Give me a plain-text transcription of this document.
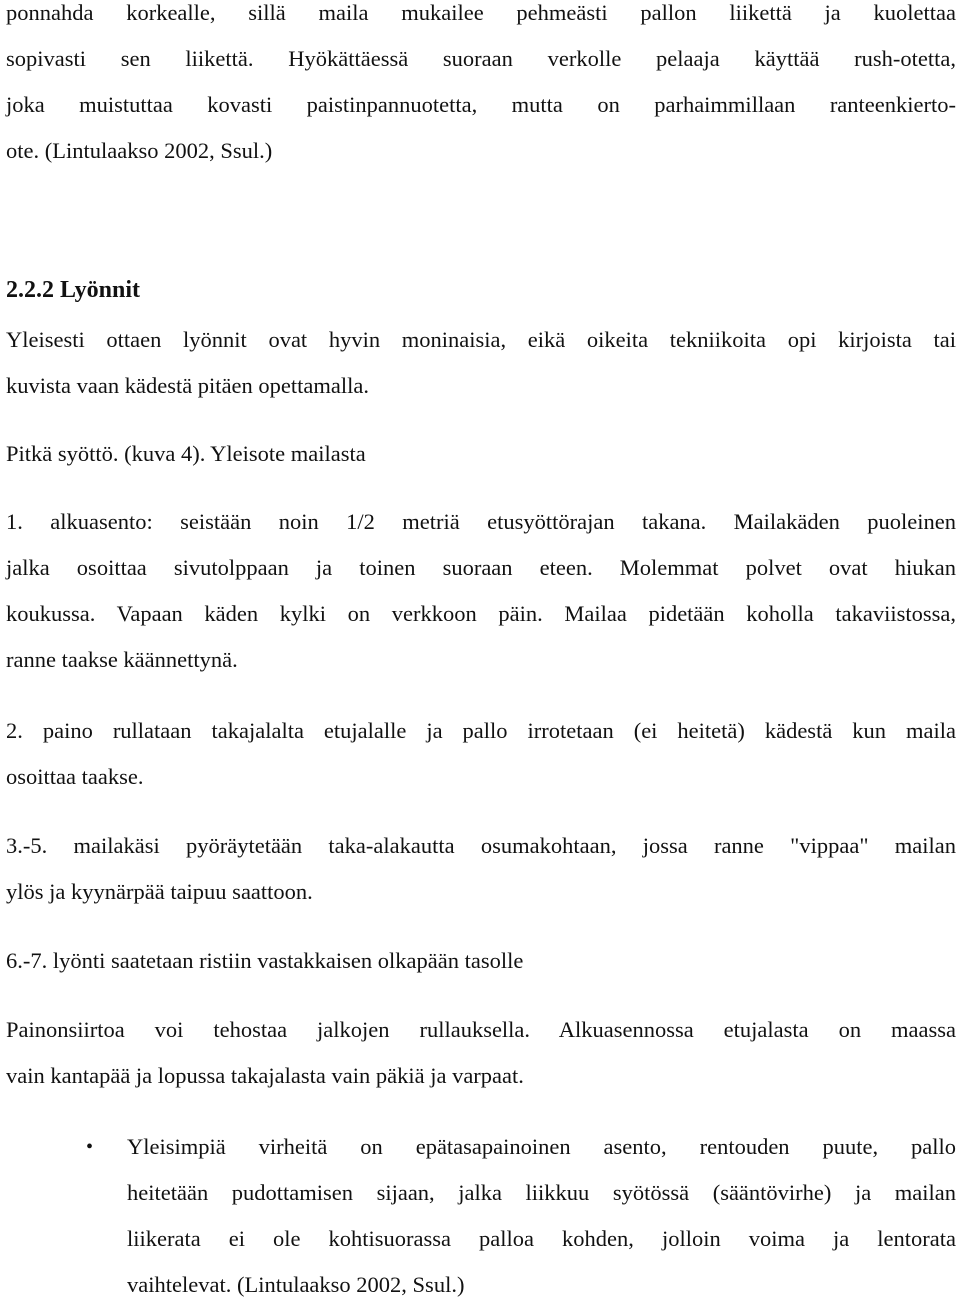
ponnahda korkealle, sillä maila mukailee pehmeästi pallon liikettä ja kuolettaa
sopivasti sen liikettä. Hyökättäessä suoraan verkolle pelaaja käyttää rush-otetta,
joka muistuttaa kovasti paistinpannuotetta, mutta on parhaimmillaan ranteenkierto-
ote. (Lintulaakso 2002, Ssul.)
2.2.2 Lyönnit
Yleisesti ottaen lyönnit ovat hyvin moninaisia, eikä oikeita tekniikoita opi kirjoista tai
kuvista vaan kädestä pitäen opettamalla.
Pitkä syöttö. (kuva 4). Yleisote mailasta
1. alkuasento: seistään noin 1/2 metriä etusyöttörajan takana. Mailakäden puoleinen
jalka osoittaa sivutolppaan ja toinen suoraan eteen. Molemmat polvet ovat hiukan
koukussa. Vapaan käden kylki on verkkoon päin. Mailaa pidetään koholla takaviistossa,
ranne taakse käännettynä.
2. paino rullataan takajalalta etujalalle ja pallo irrotetaan (ei heitetä) kädestä kun maila
osoittaa taakse.
3.-5. mailakäsi pyöräytetään taka-alakautta osumakohtaan, jossa ranne "vippaa" mailan
ylös ja kyynärpää taipuu saattoon.
6.-7. lyönti saatetaan ristiin vastakkaisen olkapään tasolle
Painonsiirtoa voi tehostaa jalkojen rullauksella. Alkuasennossa etujalasta on maassa
vain kantapää ja lopussa takajalasta vain päkiä ja varpaat.
• Yleisimpiä virheitä on epätasapainoinen asento, rentouden puute, pallo
heitetään pudottamisen sijaan, jalka liikkuu syötössä (sääntövirhe) ja mailan
liikerata ei ole kohtisuorassa palloa kohden, jolloin voima ja lentorata
vaihtelevat. (Lintulaakso 2002, Ssul.)
